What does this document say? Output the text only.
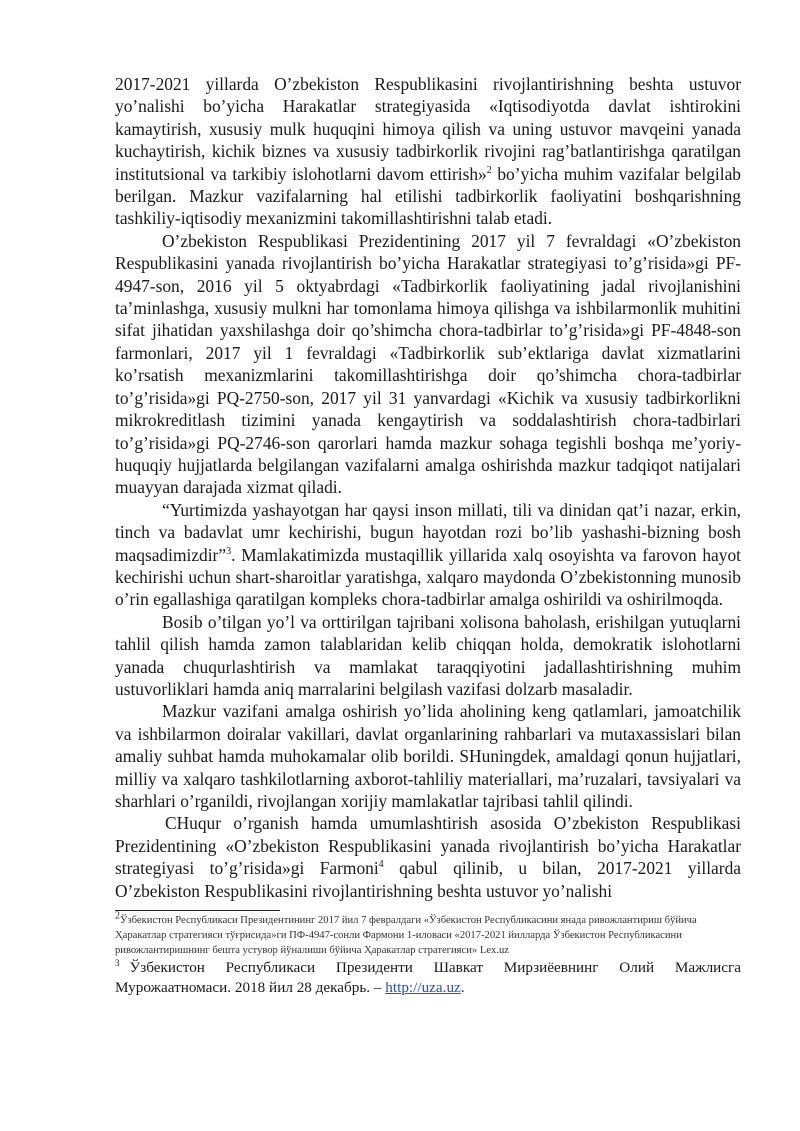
2017-2021 yillarda O’zbekiston Respublikasini rivojlantirishning beshta ustuvor yo’nalishi bo’yicha Harakatlar strategiyasida «Iqtisodiyotda davlat ishtirokini kamaytirish, xususiy mulk huquqini himoya qilish va uning ustuvor mavqeini yanada kuchaytirish, kichik biznes va xususiy tadbirkorlik rivojini rag’batlantirishga qaratilgan institutsional va tarkibiy islohotlarni davom ettirish»$^2$ bo’yicha muhim vazifalar belgilab berilgan. Mazkur vazifalarning hal etilishi tadbirkorlik faoliyatini boshqarishning tashkiliy-iqtisodiy mexanizmini takomillashtirishni talab etadi.

O’zbekiston Respublikasi Prezidentining 2017 yil 7 fevraldagi «O’zbekiston Respublikasini yanada rivojlantirish bo’yicha Harakatlar strategiyasi to’g’risida»gi PF-4947-son, 2016 yil 5 oktyabrdagi «Tadbirkorlik faoliyatining jadal rivojlanishini ta’minlashga, xususiy mulkni har tomonlama himoya qilishga va ishbilarmonlik muhitini sifat jihatidan yaxshilashga doir qo’shimcha chora-tadbirlar to’g’risida»gi PF-4848-son farmonlari, 2017 yil 1 fevraldagi «Tadbirkorlik sub’ektlariga davlat xizmatlarini ko’rsatish mexanizmlarini takomillashtirishga doir qo’shimcha chora-tadbirlar to’g’risida»gi PQ-2750-son, 2017 yil 31 yanvardagi «Kichik va xususiy tadbirkorlikni mikrokreditlash tizimini yanada kengaytirish va soddalashtirish chora-tadbirlari to’g’risida»gi PQ-2746-son qarorlari hamda mazkur sohaga tegishli boshqa me’yoriy-huquqiy hujjatlarda belgilangan vazifalarni amalga oshirishda mazkur tadqiqot natijalari muayyan darajada xizmat qiladi.

“Yurtimizda yashayotgan har qaysi inson millati, tili va dinidan qat’i nazar, erkin, tinch va badavlat umr kechirishi, bugun hayotdan rozi bo’lib yashashi-bizning bosh maqsadimizdir”$^3$. Mamlakatimizda mustaqillik yillarida xalq osoyishta va farovon hayot kechirishi uchun shart-sharoitlar yaratishga, xalqaro maydonda O’zbekistonning munosib o’rin egallashiga qaratilgan kompleks chora-tadbirlar amalga oshirildi va oshirilmoqda.

Bosib o’tilgan yo’l va orttirilgan tajribani xolisona baholash, erishilgan yutuqlarni tahlil qilish hamda zamon talablaridan kelib chiqqan holda, demokratik islohotlarni yanada chuqurlashtirish va mamlakat taraqqiyotini jadallashtirishning muhim ustuvorliklari hamda aniq marralarini belgilash vazifasi dolzarb masaladir.

Mazkur vazifani amalga oshirish yo’lida aholining keng qatlamlari, jamoatchilik va ishbilarmon doiralar vakillari, davlat organlarining rahbarlari va mutaxassislari bilan amaliy suhbat hamda muhokamalar olib borildi. SHuningdek, amaldagi qonun hujjatlari, milliy va xalqaro tashkilotlarning axborot-tahliliy materiallari, ma’ruzalari, tavsiyalari va sharhlari o’rganildi, rivojlangan xorijiy mamlakatlar tajribasi tahlil qilindi.

CHuqur o’rganish hamda umumlashtirish asosida O’zbekiston Respublikasi Prezidentining «O’zbekiston Respublikasini yanada rivojlantirish bo’yicha Harakatlar strategiyasi to’g’risida»gi Farmoni$^4$ qabul qilinib, u bilan, 2017-2021 yillarda O’zbekiston Respublikasini rivojlantirishning beshta ustuvor yo’nalishi

$^2$Ўзбекистон Республикаси Президентининг 2017 йил 7 февралдаги «Ўзбекистон Республикасини янада ривожлантириш бўйича Ҳаракатлар стратегияси тўғрисида»ги ПФ-4947-сонли Фармони 1-иловаси «2017-2021 йилларда Ўзбекистон Республикасини ривожлантиришнинг бешта устувор йўналиши бўйича Ҳаракатлар стратегияси» Lex.uz

$^3$ Ўзбекистон Республикаси Президенти Шавкат Мирзиёевнинг Олий Мажлисга Мурожаатномаси. 2018 йил 28 декабрь. – http://uza.uz.
